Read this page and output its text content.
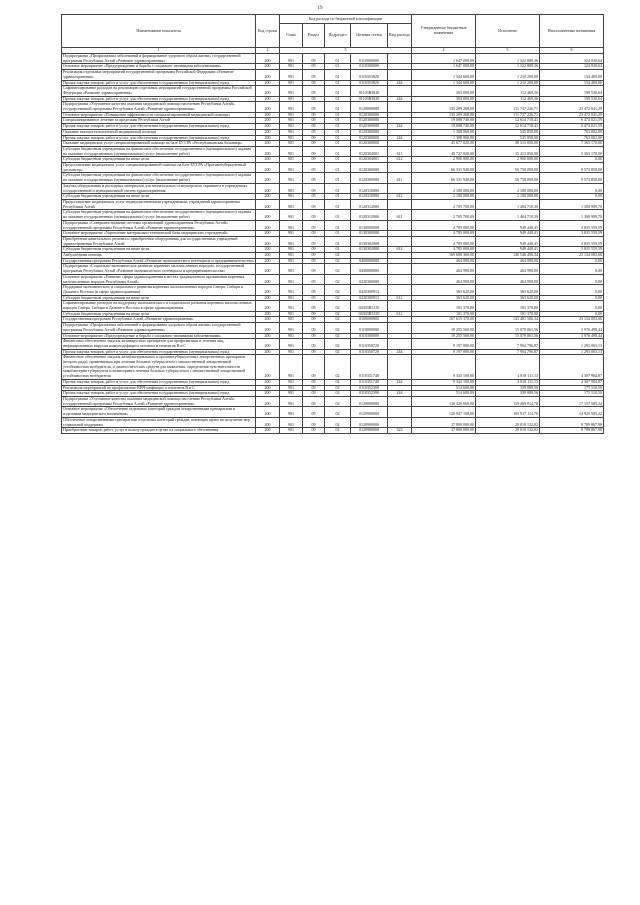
19
Наименование показателя	Код строки	Код расхода по бюджетной классификации					Утвержденные бюджетные назначения	Исполнено	Неисполненные назначения
		Глава	Раздел	Подраздел	Целевая статья	Вид расхода			
1	2	3					4	5	6
Подпрограмма «Профилактика заболеваний и формирование здорового образа жизни» государственной программы Республики Алтай «Развитие здравоохранения»	200	901	09	01	0110000000		1 647 000,00	1 322 809,36	324 930,64
Основное мероприятие «Предупреждение и борьба с социально значимыми заболеваниями»	200	901	09	01	0110300000		1 647 000,00	1 322 809,36	324 930,64
Реализация отдельных мероприятий государственной программы Российской Федерации «Развитие здравоохранения»	200	901	09	01	0110353820		1 344 600,00	1 210 200,00	134 400,00
Прочая закупка товаров, работ и услуг для обеспечения государственных (муниципальных) нужд	200	901	09	01	0110353820	244	1 344 600,00	1 210 200,00	134 400,00
Софинансирование расходов на реализацию отдельных мероприятий государственной программы Российской Федерации «Развитие здравоохранения»	200	901	09	01	01103R3820		303 000,00	112 469,36	190 530,64
Прочая закупка товаров, работ и услуг для обеспечения государственных (муниципальных) нужд	200	901	09	01	01103R3820	244	303 000,00	112 469,36	190 530,64
Подпрограмма «Улучшение качества оказания медицинской помощи населению Республики Алтай» государственной программы Республики Алтай «Развитие здравоохранения»	200	901	09	01	0120000000		135 209 268,00	111 737 226,71	23 472 041,29
Основное мероприятие «Повышение эффективности специализированной медицинской помощи»	200	901	09	01	0120300000		135 209 268,00	111 737 226,71	23 472 041,29
Специализированное лечение за пределами Республики Алтай	200	901	09	01	0120300000		19 088 740,00	12 614 718,41	6 474 021,59
Прочая закупка товаров, работ и услуг для обеспечения государственных (муниципальных) нужд	200	901	09	01	0120300000	244	19 088 740,00	12 614 718,41	6 474 021,59
Оказание высокотехнологичной медицинской помощи	200	901	09	01	0120300000		1 308 860,00	545 858,00	763 002,00
Прочая закупка товаров, работ и услуг для обеспечения государственных (муниципальных) нужд	200	901	09	01	0120300000	244	1 308 860,00	545 858,00	763 002,00
Оказание медицинских услуг специализированной помощи на базе БУЗ РА «Республиканская больница»	200	901	09	01	0120300000		45 677 020,00	38 313 850,00	7 363 170,00
Субсидии бюджетным учреждениям на финансовое обеспечение государственного (муниципального) задания на оказание государственных (муниципальных) услуг (выполнение работ)	200	901	09	01	0120304001	611	40 727 020,00	35 413 850,00	5 363 170,00
Субсидии бюджетным учреждениям на иные цели	200	901	09	01	0120304001	612	2 900 000,00	2 900 000,00	0,00
Предоставление медицинских услуг специализированной помощи на базе БУЗ РА «Противотуберкулезный диспансер»	200	901	09	01	0120300000		66 331 948,00	56 758 090,00	9 573 858,00
Субсидии бюджетным учреждениям на финансовое обеспечение государственного (муниципального) задания на оказание государственных (муниципальных) услуг (выполнение работ)	200	901	09	01	0120300000	611	66 331 948,00	56 758 090,00	9 573 858,00
Закупка оборудования и расходных материалов для неонатального и акушерского скрининга в учреждениях государственной и муниципальной систем здравоохранения	200	901	09	01	0120310000		2 100 000,00	2 100 000,00	0,00
Субсидии бюджетным учреждениям на иные цели	200	901	09	01	0120310000	612	2 100 000,00	2 100 000,00	0,00
Предоставление медицинских услуг подведомственными учреждениями, учреждений здравоохранения Республики Алтай	200	901	09	01	0120312000		2 705 700,00	1 404 710,30	1 300 989,70
Субсидии бюджетным учреждениям на финансовое обеспечение государственного (муниципального) задания на оказание государственных (муниципальных) услуг (выполнение работ)	200	901	09	01	0120312000	611	2 705 700,00	1 404 710,30	1 300 989,70
Подпрограмма «Совершенствование системы организаций здравоохранения Республики Алтай» государственной программы Республики Алтай «Развитие здравоохранения»	200	901	09	01	0130000000		4 785 000,00	949 440,41	3 835 559,59
Основное мероприятие «Укрепление материально-технической базы медицинских учреждений»	200	901	09	01	0130300000		4 785 000,00	949 440,41	3 835 559,59
Приобретение капитального ремонта и приобретение оборудования для государственных учреждений здравоохранения Республики Алтай	200	901	09	01	0130302000		4 785 000,00	949 440,41	3 835 559,59
Субсидии бюджетным учреждениям на иные цели	200	901	09	01	0130302000	612	4 785 000,00	949 440,41	3 835 559,59
Амбулаторная помощь	200	901	09	02			169 680 360,00	146 546 496,34	23 134 083,66
Государственная программа Республики Алтай «Развитие экономического потенциала и предпринимательства»	200	901	09	02	0400000000		464 990,00	464 990,00	0,00
Подпрограмма «Социально-экономическое развитие коренных малочисленных народов» государственной программы Республики Алтай «Развитие экономического потенциала и предпринимательства»	200	901	09	02	0430000000		464 990,00	464 990,00	0,00
Основное мероприятие «Развитие сферы здравоохранения в местах традиционного проживания коренных малочисленных народов Республики Алтай»	200	901	09	02	0430300000		464 990,00	464 990,00	0,00
Поддержка экономического и социального развития коренных малочисленных народов Севера, Сибири и Дальнего Востока (в сфере здравоохранения)	200	901	09	02	0430300913		363 620,00	363 620,00	0,00
Субсидии бюджетным учреждениям на иные цели	200	901	09	02	0430300913	612	363 620,00	363 620,00	0,00
Софинансирование расходов на поддержку экономического и социального развития коренных малочисленных народов Севера, Сибири и Дальнего Востока в сфере здравоохранения	200	901	09	02	04303R5150		101 370,00	101 370,00	0,00
Субсидии бюджетным учреждениям на иные цели	200	901	09	02	04303R5150	612	101 370,00	101 370,00	0,00
Государственная программа Республики Алтай «Развитие здравоохранения»	200	901	09	02	0100000000		167 615 370,00	143 481 506,34	23 134 083,66
Подпрограмма «Профилактика заболеваний и формирование здорового образа жизни» государственной программы Республики Алтай «Развитие здравоохранения»	200	901	09	02	0110000000		19 255 560,00	15 079 061,56	3 976 498,44
Основное мероприятие «Предупреждение и борьба с социально значимыми заболеваниями»	200	901	09	02	0110300000		19 255 560,00	15 079 061,56	3 976 498,44
Финансовое обеспечение закупок антивирусных препаратов для профилактики и лечения лиц, инфицированных вирусом иммунодефицита человека и гепатитов В и С	200	901	09	02	0110350720		9 197 800,00	7 904 796,87	1 293 003,13
Прочая закупка товаров, работ и услуг для обеспечения государственных (муниципальных) нужд	200	901	09	02	0110350720	244	9 197 800,00	7 904 796,87	1 293 003,13
Финансовое обеспечение закупок антибактериальных и противотуберкулезных лекарственных препаратов (второго ряда), применяемых при лечении больных туберкулезом с множественной лекарственной устойчивостью возбудителя, и диагностических средств для выявления, определения чувствительности микобактерии туберкулеза и мониторинга лечения больных туберкулезом с множественной лекарственной устойчивостью возбудителя	200	901	09	02	0110351740		9 343 100,00	4 818 111,13	4 307 984,87
Прочая закупка товаров, работ и услуг для обеспечения государственных (муниципальных) нужд	200	901	09	02	0110351740	244	9 343 100,00	4 818 111,13	4 307 984,87
Реализация мероприятий по профилактике ВИЧ-инфекции и гепатитов В и С	200	901	09	02	0110352390		514 600,00	339 089,56	175 510,50
Прочая закупка товаров, работ и услуг для обеспечения государственных (муниципальных) нужд	200	901	09	02	0110352390	244	514 600,00	339 089,56	175 510,50
Подпрограмма «Улучшение качества оказания медицинской помощи населению Республики Алтай» государственной программы Республики Алтай «Развитие здравоохранения»	200	901	09	02	0120000000		136 426 660,00	119 469 014,78	17 157 585,22
Основное мероприятие «Обеспечение отдельных категорий граждан лекарственными препаратами и изделиями медицинского назначения»	200	901	09	02	0120900000		120 947 100,00	105 917 114,78	14 925 585,22
Обеспечение лекарственными препаратами отдельных категорий граждан, имеющих право на получение мер социальной поддержки	200	901	09	02	0120900000		37 800 000,00	29 010 132,02	8 789 867,98
Приобретение товаров, работ, услуг в пользу граждан в целях их социального обеспечения	200	901	09	02	0120900000	323	37 800 000,00	29 010 132,02	8 789 867,98
